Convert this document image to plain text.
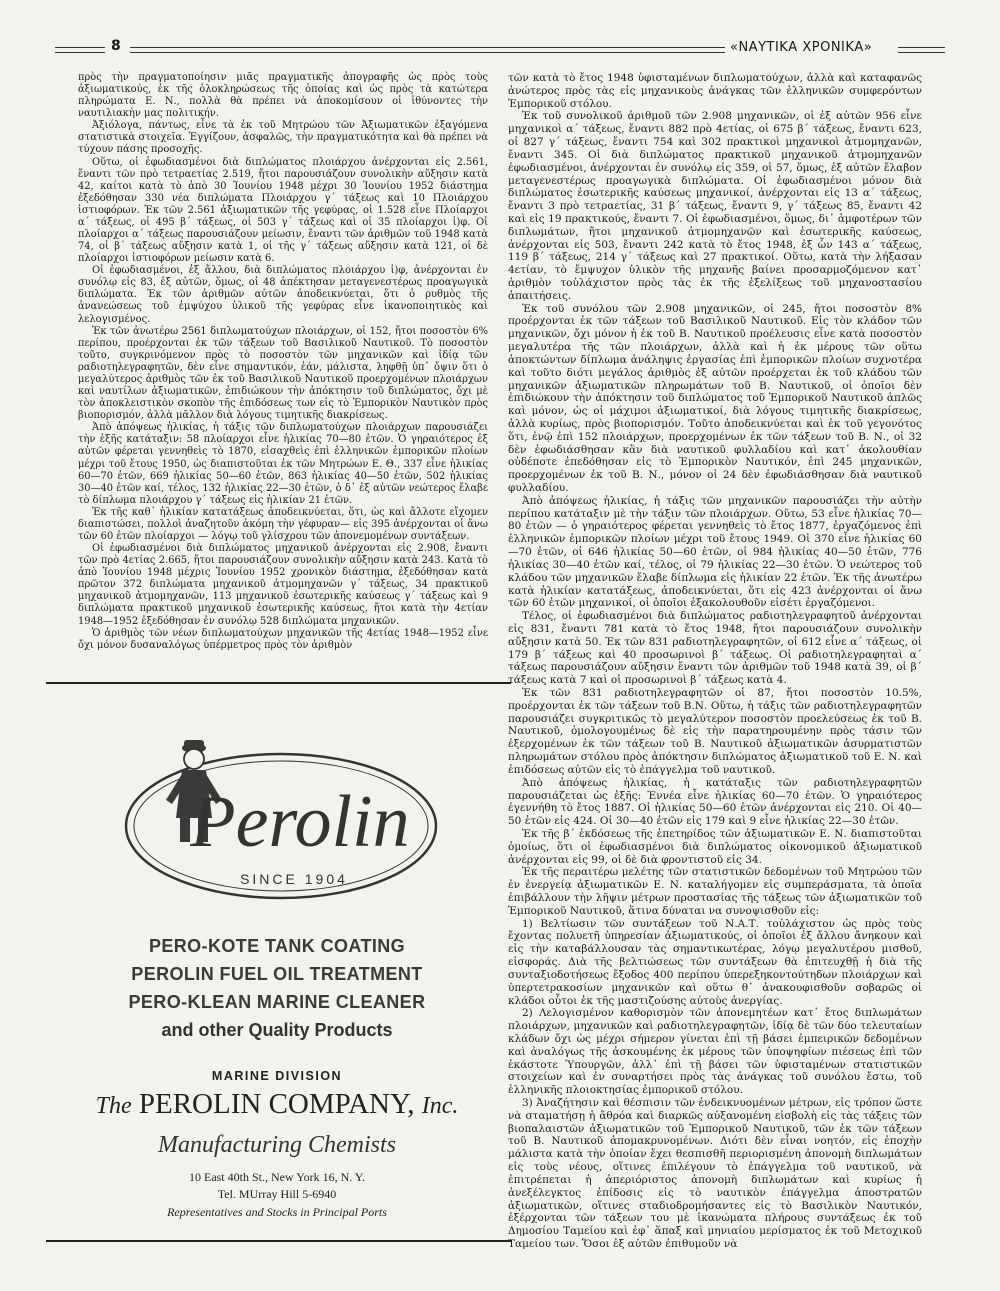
8	«ΝΑΥΤΙΚΑ ΧΡΟΝΙΚΑ»

πρὸς τὴν πραγματοποίησιν μιᾶς πραγματικῆς ἀπογραφῆς ὡς πρὸς τοὺς ἀξιωματικούς, ἐκ τῆς ὁλοκληρώσεως τῆς ὁποίας καὶ ὡς πρὸς τὰ κατώτερα πληρώματα Ε. Ν., πολλὰ θὰ πρέπει νὰ ἀποκομίσουν οἱ ἰθύνοντες τὴν ναυτιλιακὴν μας πολιτικήν.

Ἀξιόλογα, πάντως, εἶνε τὰ ἐκ τοῦ Μητρώου τῶν Ἀξιωματικῶν ἐξαγόμενα στατιστικὰ στοιχεῖα. Ἐγγίζουν, ἀσφαλῶς, τὴν πραγματικότητα καὶ θὰ πρέπει νὰ τύχουν πάσης προσοχῆς.

Οὕτω, οἱ ἐφωδιασμένοι διὰ διπλώματος πλοιάρχου ἀνέρχονται εἰς 2.561, ἔναντι τῶν πρὸ τετραετίας 2.519, ἤτοι παρουσιάζουν συνολικὴν αὔξησιν κατὰ 42, καίτοι κατὰ τὸ ἀπὸ 30 Ἰουνίου 1948 μέχρι 30 Ἰουνίου 1952 διάστημα ἐξεδόθησαν 330 νέα διπλώματα Πλοιάρχου γ΄ τάξεως καὶ 10 Πλοιάρχου ἱστιοφόρων. Ἐκ τῶν 2.561 ἀξιωματικῶν τῆς γεφύρας, οἱ 1.528 εἶνε Πλοίαρχοι α΄ τάξεως, οἱ 495 β΄ τάξεως, οἱ 503 γ΄ τάξεως καὶ οἱ 35 πλοίαρχοι ἱ)φ. Οἱ πλοίαρχοι α΄ τάξεως παρουσιάζουν μείωσιν, ἔναντι τῶν ἀριθμῶν τοῦ 1948 κατὰ 74, οἱ β΄ τάξεως αὔξησιν κατὰ 1, οἱ τῆς γ΄ τάξεως αὔξησιν κατὰ 121, οἱ δὲ πλοίαρχοι ἱστιοφόρων μείωσιν κατὰ 6.

Οἱ ἐφωδιασμένοι, ἐξ ἄλλου, διὰ διπλώματος πλοιάρχου ἱ)φ, ἀνέρχονται ἐν συνόλῳ εἰς 83, ἐξ αὐτῶν, ὅμως, οἱ 48 ἀπέκτησαν μεταγενεστέρως προαγωγικὰ διπλώματα. Ἐκ τῶν ἀριθμῶν αὐτῶν ἀποδεικνύεται, ὅτι ὁ ρυθμὸς τῆς ἀνανεώσεως τοῦ ἐμψύχου ὑλικοῦ τῆς γεφύρας εἶνε ἱκανοποιητικὸς καὶ λελογισμένος.

Ἐκ τῶν ἀνωτέρω 2561 διπλωματούχων πλοιάρχων, οἱ 152, ἤτοι ποσοστὸν 6% περίπου, προέρχονται ἐκ τῶν τάξεων τοῦ Βασιλικοῦ Ναυτικοῦ. Τὸ ποσοστὸν τοῦτο, συγκρινόμενον πρὸς τὸ ποσοστὸν τῶν μηχανικῶν καὶ ἰδίᾳ τῶν ραδιοτηλεγραφητῶν, δὲν εἶνε σημαντικόν, ἐάν, μάλιστα, ληφθῇ ὑπ᾽ ὄψιν ὅτι ὁ μεγαλύτερος ἀριθμὸς τῶν ἐκ τοῦ Βασιλικοῦ Ναυτικοῦ προερχομένων πλοιάρχων καὶ ναυτίλων ἀξιωματικῶν, ἐπιδιώκουν τὴν ἀπόκτησιν τοῦ διπλώματος, ὄχι μὲ τὸν ἀποκλειστικὸν σκοπὸν τῆς ἐπιδόσεως των εἰς τὸ Ἐμπορικὸν Ναυτικὸν πρὸς βιοπορισμόν, ἀλλὰ μᾶλλον διὰ λόγους τιμητικῆς διακρίσεως.

Ἀπὸ ἀπόψεως ἡλικίας, ἡ τάξις τῶν διπλωματούχων πλοιάρχων παρουσιάζει τὴν ἑξῆς κατάταξιν: 58 πλοίαρχοι εἶνε ἡλικίας 70—80 ἐτῶν. Ὁ γηραιότερος ἐξ αὐτῶν φέρεται γεννηθεὶς τὸ 1870, εἰσαχθεὶς ἐπὶ ἑλληνικῶν ἐμπορικῶν πλοίων μέχρι τοῦ ἔτους 1950, ὡς διαπιστοῦται ἐκ τῶν Μητρώων Ε. Θ., 337 εἶνε ἡλικίας 60—70 ἐτῶν, 669 ἡλικίας 50—60 ἐτῶν, 863 ἡλικίας 40—50 ἐτῶν, 502 ἡλικίας 30—40 ἐτῶν καί, τέλος, 132 ἡλικίας 22—30 ἐτῶν, ὁ δ᾽ ἐξ αὐτῶν νεώτερος ἔλαβε τὸ δίπλωμα πλοιάρχου γ΄ τάξεως εἰς ἡλικίαν 21 ἐτῶν.

Ἐκ τῆς καθ᾽ ἡλικίαν κατατάξεως ἀποδεικνύεται, ὅτι, ὡς καὶ ἄλλοτε εἴχομεν διαπιστώσει, πολλοὶ ἀναζητοῦν ἀκόμη τὴν γέφυραν— εἰς 395 ἀνέρχονται οἱ ἄνω τῶν 60 ἐτῶν πλοίαρχοι — λόγῳ τοῦ γλίσχρου τῶν ἀπονεμομένων συντάξεων.

Οἱ ἐφωδιασμένοι διὰ διπλώματος μηχανικοῦ ἀνέρχονται εἰς 2.908, ἔναντι τῶν πρὸ 4ετίας 2.665, ἤτοι παρουσιάζουν συνολικὴν αὔξησιν κατὰ 243. Κατὰ τὸ ἀπὸ Ἰουνίου 1948 μέχρις Ἰουνίου 1952 χρονικὸν διάστημα, ἐξεδόθησαν κατὰ πρῶτον 372 διπλώματα μηχανικοῦ ἀτμομηχανῶν γ΄ τάξεως, 34 πρακτικοῦ μηχανικοῦ ἀτμομηχανῶν, 113 μηχανικοῦ ἐσωτερικῆς καύσεως γ΄ τάξεως καὶ 9 διπλώματα πρακτικοῦ μηχανικοῦ ἐσωτερικῆς καύσεως, ἤτοι κατὰ τὴν 4ετίαν 1948—1952 ἐξεδόθησαν ἐν συνόλῳ 528 διπλώματα μηχανικῶν.

Ὁ ἀριθμὸς τῶν νέων διπλωματούχων μηχανικῶν τῆς 4ετίας 1948—1952 εἶνε ὄχι μόνον δυσαναλόγως ὑπέρμετρος πρὸς τὸν ἀριθμὸν

τῶν κατὰ τὸ ἔτος 1948 ὑφισταμένων διπλωματούχων, ἀλλὰ καὶ καταφανῶς ἀνώτερος πρὸς τὰς εἰς μηχανικοὺς ἀνάγκας τῶν ἑλληνικῶν συμφερόντων Ἐμπορικοῦ στόλου.

Ἐκ τοῦ συνολικοῦ ἀριθμοῦ τῶν 2.908 μηχανικῶν, οἱ ἐξ αὐτῶν 956 εἶνε μηχανικοὶ α΄ τάξεως, ἔναντι 882 πρὸ 4ετίας, οἱ 675 β΄ τάξεως, ἔναντι 623, οἱ 827 γ΄ τάξεως, ἔναντι 754 καὶ 302 πρακτικοὶ μηχανικοὶ ἀτμομηχανῶν, ἔναντι 345. Οἱ διὰ διπλώματος πρακτικοῦ μηχανικοῦ ἀτμομηχανῶν ἐφωδιασμένοι, ἀνέρχονται ἐν συνόλῳ εἰς 359, οἱ 57, ὅμως, ἐξ αὐτῶν ἔλαβον μεταγενεστέρως προαγωγικὰ διπλώματα. Οἱ ἐφωδιασμένοι μόνον διὰ διπλώματος ἐσωτερικῆς καύσεως μηχανικοί, ἀνέρχονται εἰς 13 α΄ τάξεως, ἔναντι 3 πρὸ τετραετίας, 31 β΄ τάξεως, ἔναντι 9, γ΄ τάξεως 85, ἔναντι 42 καὶ εἰς 19 πρακτικούς, ἔναντι 7. Οἱ ἐφωδιασμένοι, ὅμως, δι᾽ ἀμφοτέρων τῶν διπλωμάτων, ἤτοι μηχανικοῦ ἀτμομηχανῶν καὶ ἐσωτερικῆς καύσεως, ἀνέρχονται εἰς 503, ἔναντι 242 κατὰ τὸ ἔτος 1948, ἐξ ὧν 143 α΄ τάξεως, 119 β΄ τάξεως, 214 γ΄ τάξεως καὶ 27 πρακτικοί. Οὕτω, κατὰ τὴν λήξασαν 4ετίαν, τὸ ἔμψυχον ὑλικὸν τῆς μηχανῆς βαίνει προσαρμοζόμενον κατ᾽ ἀριθμὸν τοὐλάχιστον πρὸς τὰς ἐκ τῆς ἐξελίξεως τοῦ μηχανοστασίου ἀπαιτήσεις.

Ἐκ τοῦ συνόλου τῶν 2.908 μηχανικῶν, οἱ 245, ἤτοι ποσοστὸν 8% προέρχονται ἐκ τῶν τάξεων τοῦ Βασιλικοῦ Ναυτικοῦ. Εἰς τὸν κλάδον τῶν μηχανικῶν, ὄχι μόνον ἡ ἐκ τοῦ Β. Ναυτικοῦ προέλευσις εἶνε κατὰ ποσοστὸν μεγαλυτέρα τῆς τῶν πλοιάρχων, ἀλλὰ καὶ ἡ ἐκ μέρους τῶν οὕτω ἀποκτώντων δίπλωμα ἀνάληψις ἐργασίας ἐπὶ ἐμπορικῶν πλοίων συχνοτέρα καὶ τοῦτο διότι μεγάλος ἀριθμὸς ἐξ αὐτῶν προέρχεται ἐκ τοῦ κλάδου τῶν μηχανικῶν ἀξιωματικῶν πληρωμάτων τοῦ Β. Ναυτικοῦ, οἱ ὁποῖοι δὲν ἐπιδιώκουν τὴν ἀπόκτησιν τοῦ διπλώματος τοῦ Ἐμπορικοῦ Ναυτικοῦ ἁπλῶς καὶ μόνον, ὡς οἱ μάχιμοι ἀξιωματικοί, διὰ λόγους τιμητικῆς διακρίσεως, ἀλλὰ κυρίως, πρὸς βιοπορισμόν. Τοῦτο ἀποδεικνύεται καὶ ἐκ τοῦ γεγονότος ὅτι, ἐνῷ ἐπὶ 152 πλοιάρχων, προερχομένων ἐκ τῶν τάξεων τοῦ Β. Ν., οἱ 32 δὲν ἐφωδιάσθησαν κἂν διὰ ναυτικοῦ φυλλαδίου καὶ κατ᾽ ἀκολουθίαν οὐδέποτε ἐπεδόθησαν εἰς τὸ Ἐμπορικὸν Ναυτικόν, ἐπὶ 245 μηχανικῶν, προερχομένων ἐκ τοῦ Β. Ν., μόνον οἱ 24 δὲν ἐφωδιάσθησαν διὰ ναυτικοῦ φυλλαδίου.

Ἀπὸ ἀπόψεως ἡλικίας, ἡ τάξις τῶν μηχανικῶν παρουσιάζει τὴν αὐτὴν περίπου κατάταξιν μὲ τὴν τάξιν τῶν πλοιάρχων. Οὕτω, 53 εἶνε ἡλικίας 70—80 ἐτῶν — ὁ γηραιότερος φέρεται γεννηθεὶς τὸ ἔτος 1877, ἐργαζόμενος ἐπὶ ἑλληνικῶν ἐμπορικῶν πλοίων μέχρι τοῦ ἔτους 1949. Οἱ 370 εἶνε ἡλικίας 60—70 ἐτῶν, οἱ 646 ἡλικίας 50—60 ἐτῶν, οἱ 984 ἡλικίας 40—50 ἐτῶν, 776 ἡλικίας 30—40 ἐτῶν καί, τέλος, οἱ 79 ἡλικίας 22—30 ἐτῶν. Ὁ νεώτερος τοῦ κλάδου τῶν μηχανικῶν ἔλαβε δίπλωμα εἰς ἡλικίαν 22 ἐτῶν. Ἐκ τῆς ἀνωτέρω κατὰ ἡλικίαν κατατάξεως, ἀποδεικνύεται, ὅτι εἰς 423 ἀνέρχονται οἱ ἄνω τῶν 60 ἐτῶν μηχανικοί, οἱ ὁποῖοι ἐξακολουθοῦν εἰσέτι ἐργαζόμενοι.

Τέλος, οἱ ἐφωδιασμένοι διὰ διπλώματος ραδιοτηλεγραφητοῦ ἀνέρχονται εἰς 831, ἔναντι 781 κατὰ τὸ ἔτος 1948, ἤτοι παρουσιάζουν συνολικὴν αὔξησιν κατὰ 50. Ἐκ τῶν 831 ραδιοτηλεγραφητῶν, οἱ 612 εἶνε α΄ τάξεως, οἱ 179 β΄ τάξεως καὶ 40 προσωρινοὶ β΄ τάξεως. Οἱ ραδιοτηλεγραφηταὶ α΄ τάξεως παρουσιάζουν αὔξησιν ἔναντι τῶν ἀριθμῶν τοῦ 1948 κατὰ 39, οἱ β΄ τάξεως κατὰ 7 καὶ οἱ προσωρινοὶ β΄ τάξεως κατὰ 4.

Ἐκ τῶν 831 ραδιοτηλεγραφητῶν οἱ 87, ἤτοι ποσοστὸν 10.5%, προέρχονται ἐκ τῶν τάξεων τοῦ Β.Ν. Οὕτω, ἡ τάξις τῶν ραδιοτηλεγραφητῶν παρουσιάζει συγκριτικῶς τὸ μεγαλύτερον ποσοστὸν προελεύσεως ἐκ τοῦ Β. Ναυτικοῦ, ὁμολογουμένως δὲ εἰς τὴν παρατηρουμένην πρὸς τάσιν τῶν ἐξερχομένων ἐκ τῶν τάξεων τοῦ Β. Ναυτικοῦ ἀξιωματικῶν ἀσυρματιστῶν πληρωμάτων στόλου πρὸς ἀπόκτησιν διπλώματος ἀξιωματικοῦ τοῦ Ε. Ν. καὶ ἐπιδόσεως αὐτῶν εἰς τὸ ἐπάγγελμα τοῦ ναυτικοῦ.

Ἀπὸ ἀπόψεως ἡλικίας, ἡ κατάταξις τῶν ραδιοτηλεγραφητῶν παρουσιάζεται ὡς ἑξῆς: Ἐννέα εἶνε ἡλικίας 60—70 ἐτῶν. Ὁ γηραιότερος ἐγεννήθη τὸ ἔτος 1887. Οἱ ἡλικίας 50—60 ἐτῶν ἀνέρχονται εἰς 210. Οἱ 40—50 ἐτῶν εἰς 424. Οἱ 30—40 ἐτῶν εἰς 179 καὶ 9 εἶνε ἡλικίας 22—30 ἐτῶν.

Ἐκ τῆς β΄ ἐκδόσεως τῆς ἐπετηρίδος τῶν ἀξιωματικῶν Ε. Ν. διαπιστοῦται ὁμοίως, ὅτι οἱ ἐφωδιασμένοι διὰ διπλώματος οἰκονομικοῦ ἀξιωματικοῦ ἀνέρχονται εἰς 99, οἱ δὲ διὰ φροντιστοῦ εἰς 34.

Ἐκ τῆς περαιτέρω μελέτης τῶν στατιστικῶν δεδομένων τοῦ Μητρώου τῶν ἐν ἐνεργείᾳ ἀξιωματικῶν Ε. Ν. καταλήγομεν εἰς συμπεράσματα, τὰ ὁποῖα ἐπιβάλλουν τὴν λῆψιν μέτρων προστασίας τῆς τάξεως τῶν ἀξιωματικῶν τοῦ Ἐμπορικοῦ Ναυτικοῦ, ἅτινα δύναται να συνοψισθοῦν εἰς:

1) Βελτίωσιν τῶν συντάξεων τοῦ Ν.Α.Τ. τοὐλάχιστον ὡς πρὸς τοὺς ἔχοντας πολυετῆ ὑπηρεσίαν ἀξιωματικούς, οἱ ὁποῖοι ἐξ ἄλλου ἄνηκουν καὶ εἰς τὴν καταβάλλουσαν τὰς σημαντικωτέρας, λόγῳ μεγαλυτέρου μισθοῦ, εἰσφοράς. Διὰ τῆς βελτιώσεως τῶν συντάξεων θὰ ἐπιτευχθῇ ἡ διὰ τῆς συνταξιοδοτήσεως ἔξοδος 400 περίπου ὑπερεξηκοντούτηδων πλοιάρχων καὶ ὑπερτετρακοσίων μηχανικῶν καὶ οὕτω θ᾽ ἀνακουφισθοῦν σοβαρῶς οἱ κλάδοι οὗτοι ἐκ τῆς μαστιζούσης αὐτοὺς ἀνεργίας.

2) Λελογισμένον καθορισμὸν τῶν ἀπονεμητέων κατ᾽ ἔτος διπλωμάτων πλοιάρχων, μηχανικῶν καὶ ραδιοτηλεγραφητῶν, ἰδίᾳ δὲ τῶν δύο τελευταίων κλάδων ὄχι ὡς μέχρι σήμερον γίνεται ἐπὶ τῇ βάσει ἐμπειρικῶν δεδομένων καὶ ἀναλόγως τῆς ἀσκουμένης ἐκ μέρους τῶν ὑποψηφίων πιέσεως ἐπὶ τῶν ἑκάστοτε Ὑπουργῶν, ἀλλ᾽ ἐπὶ τῇ βάσει τῶν ὑφισταμένων στατιστικῶν στοιχείων καὶ ἐν συναρτήσει πρὸς τὰς ἀνάγκας τοῦ συνόλου ἔστω, τοῦ ἑλληνικῆς πλοιοκτησίας ἐμπορικοῦ στόλου.

3) Ἀναζήτησιν καὶ θέσπισιν τῶν ἐνδεικνυομένων μέτρων, εἰς τρόπον ὥστε νὰ σταματήσῃ ἡ ἄθρόα καὶ διαρκῶς αὐξανομένη εἰσβολὴ εἰς τὰς τάξεις τῶν βιοπαλαιστῶν ἀξιωματικῶν τοῦ Ἐμπορικοῦ Ναυτικοῦ, τῶν ἐκ τῶν τάξεων τοῦ Β. Ναυτικοῦ ἀπομακρυνομένων. Διότι δὲν εἶναι νοητόν, εἰς ἐποχὴν μάλιστα κατὰ τὴν ὁποίαν ἔχει θεσπισθῆ περιορισμένη ἀπονομὴ διπλωμάτων εἰς τοὺς νέους, οἵτινες ἐπιλέγουν τὸ ἐπάγγελμα τοῦ ναυτικοῦ, νὰ ἐπιτρέπεται ἡ ἀπεριόριστος ἀπονομὴ διπλωμάτων καὶ κυρίως ἡ ἀνεξέλεγκτος ἐπίδοσις εἰς τὸ ναυτικὸν ἐπάγγελμα ἀποστρατῶν ἀξιωματικῶν, οἵτινες σταδιοδρομήσαντες εἰς τὸ Βασιλικὸν Ναυτικόν, ἐξέρχονται τῶν τάξεων του μὲ ἱκανώματα πλήρους συντάξεως ἐκ τοῦ Δημοσίου Ταμείου καὶ ἐφ᾽ ἅπαξ καὶ μηνιαίου μερίσματος ἐκ τοῦ Μετοχικοῦ Ταμείου των. Ὅσοι ἐξ αὐτῶν ἐπιθυμοῦν νὰ

Perolin
SINCE 1904
PERO-KOTE TANK COATING
PEROLIN FUEL OIL TREATMENT
PERO-KLEAN MARINE CLEANER
and other Quality Products
MARINE DIVISION
The PEROLIN COMPANY, Inc.
Manufacturing Chemists
10 East 40th St., New York 16, N. Y.
Tel. MUrray Hill 5-6940
Representatives and Stocks in Principal Ports
